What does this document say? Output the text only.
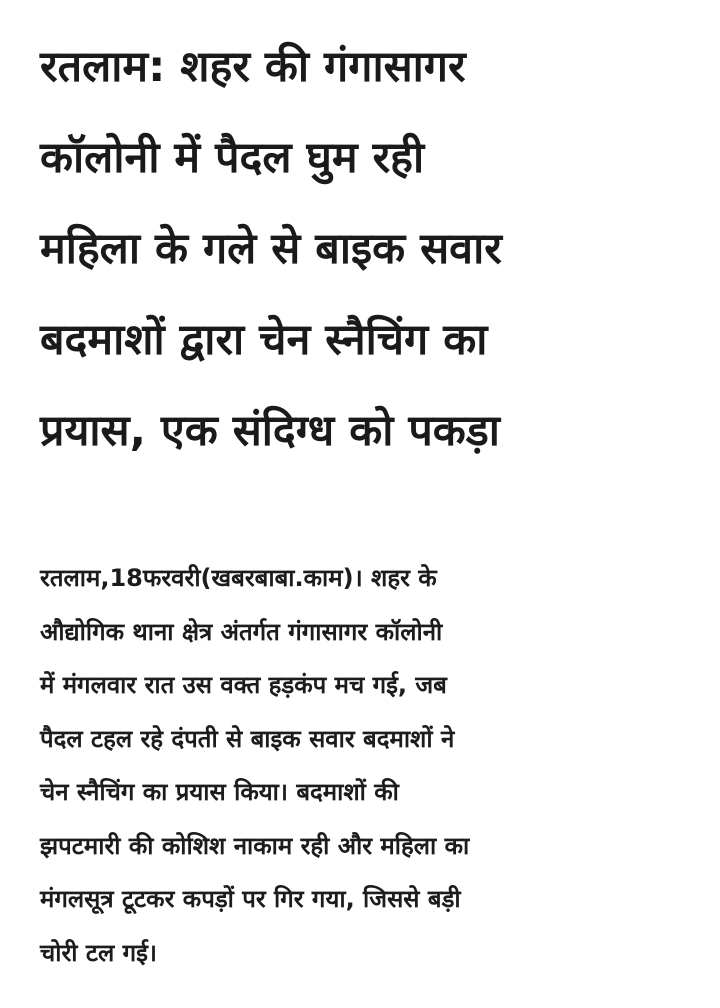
रतलाम: शहर की गंगासागर
कॉलोनी में पैदल घुम रही
महिला के गले से बाइक सवार
बदमाशों द्वारा चेन स्नैचिंग का
प्रयास, एक संदिग्ध को पकड़ा

रतलाम,18फरवरी(खबरबाबा.काम)। शहर के
औद्योगिक थाना क्षेत्र अंतर्गत गंगासागर कॉलोनी
में मंगलवार रात उस वक्त हड़कंप मच गई, जब
पैदल टहल रहे दंपती से बाइक सवार बदमाशों ने
चेन स्नैचिंग का प्रयास किया। बदमाशों की
झपटमारी की कोशिश नाकाम रही और महिला का
मंगलसूत्र टूटकर कपड़ों पर गिर गया, जिससे बड़ी
चोरी टल गई।
